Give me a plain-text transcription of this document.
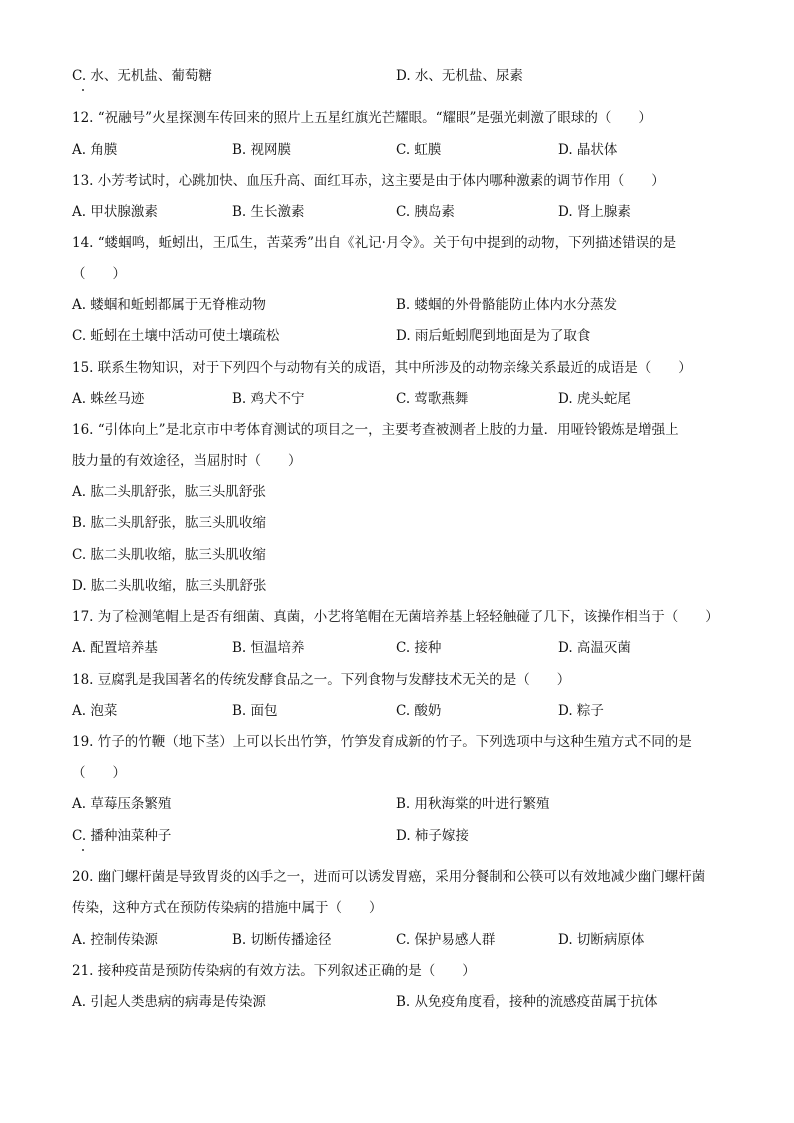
C. 水、无机盐、葡萄糖	D. 水、无机盐、尿素
12. “祝融号”火星探测车传回来的照片上五星红旗光芒耀眼。“耀眼”是强光刺激了眼球的（　　）
A. 角膜	B. 视网膜	C. 虹膜	D. 晶状体
13. 小芳考试时，心跳加快、血压升高、面红耳赤，这主要是由于体内哪种激素的调节作用（　　）
A. 甲状腺激素	B. 生长激素	C. 胰岛素	D. 肾上腺素
14. “蝼蝈鸣，蚯蚓出，王瓜生，苦菜秀”出自《礼记·月令》。关于句中提到的动物，下列描述错误的是
（　　）
A. 蝼蝈和蚯蚓都属于无脊椎动物	B. 蝼蝈的外骨骼能防止体内水分蒸发
C. 蚯蚓在土壤中活动可使土壤疏松	D. 雨后蚯蚓爬到地面是为了取食
15. 联系生物知识，对于下列四个与动物有关的成语，其中所涉及的动物亲缘关系最近的成语是（　　）
A. 蛛丝马迹	B. 鸡犬不宁	C. 莺歌燕舞	D. 虎头蛇尾
16. “引体向上”是北京市中考体育测试的项目之一，主要考查被测者上肢的力量．用哑铃锻炼是增强上
肢力量的有效途径，当屈肘时（　　）
A. 肱二头肌舒张，肱三头肌舒张
B. 肱二头肌舒张，肱三头肌收缩
C. 肱二头肌收缩，肱三头肌收缩
D. 肱二头肌收缩，肱三头肌舒张
17. 为了检测笔帽上是否有细菌、真菌，小艺将笔帽在无菌培养基上轻轻触碰了几下，该操作相当于（　　）
A. 配置培养基	B. 恒温培养	C. 接种	D. 高温灭菌
18. 豆腐乳是我国著名的传统发酵食品之一。下列食物与发酵技术无关的是（　　）
A. 泡菜	B. 面包	C. 酸奶	D. 粽子
19. 竹子的竹鞭（地下茎）上可以长出竹笋，竹笋发育成新的竹子。下列选项中与这种生殖方式不同的是
（　　）
A. 草莓压条繁殖	B. 用秋海棠的叶进行繁殖
C. 播种油菜种子	D. 柿子嫁接
20. 幽门螺杆菌是导致胃炎的凶手之一，进而可以诱发胃癌，采用分餐制和公筷可以有效地减少幽门螺杆菌
传染，这种方式在预防传染病的措施中属于（　　）
A. 控制传染源	B. 切断传播途径	C. 保护易感人群	D. 切断病原体
21. 接种疫苗是预防传染病的有效方法。下列叙述正确的是（　　）
A. 引起人类患病的病毒是传染源	B. 从免疫角度看，接种的流感疫苗属于抗体
